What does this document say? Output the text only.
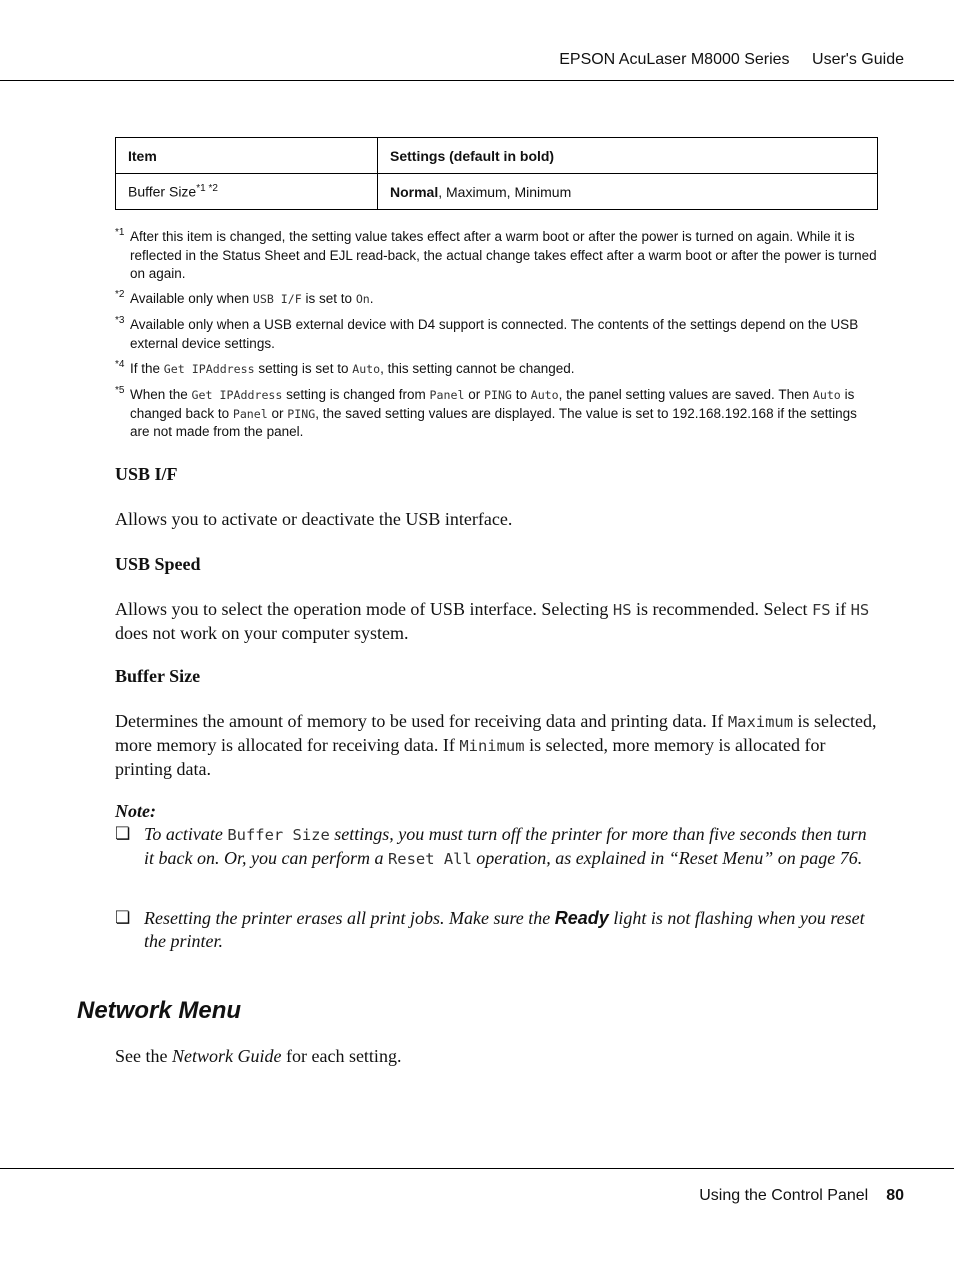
EPSON AcuLaser M8000 Series User's Guide
Item	Settings (default in bold)
Buffer Size$^{*1 *2}$	Normal, Maximum, Minimum
*1 After this item is changed, the setting value takes effect after a warm boot or after the power is turned on again. While it is reflected in the Status Sheet and EJL read-back, the actual change takes effect after a warm boot or after the power is turned on again.
*2 Available only when USB I/F is set to On.
*3 Available only when a USB external device with D4 support is connected. The contents of the settings depend on the USB external device settings.
*4 If the Get IPAddress setting is set to Auto, this setting cannot be changed.
*5 When the Get IPAddress setting is changed from Panel or PING to Auto, the panel setting values are saved. Then Auto is changed back to Panel or PING, the saved setting values are displayed. The value is set to 192.168.192.168 if the settings are not made from the panel.
USB I/F
Allows you to activate or deactivate the USB interface.
USB Speed
Allows you to select the operation mode of USB interface. Selecting HS is recommended. Select FS if HS does not work on your computer system.
Buffer Size
Determines the amount of memory to be used for receiving data and printing data. If Maximum is selected, more memory is allocated for receiving data. If Minimum is selected, more memory is allocated for printing data.
Note:
❏ To activate Buffer Size settings, you must turn off the printer for more than five seconds then turn it back on. Or, you can perform a Reset All operation, as explained in “Reset Menu” on page 76.
❏ Resetting the printer erases all print jobs. Make sure the Ready light is not flashing when you reset the printer.
Network Menu
See the Network Guide for each setting.
Using the Control Panel 80
